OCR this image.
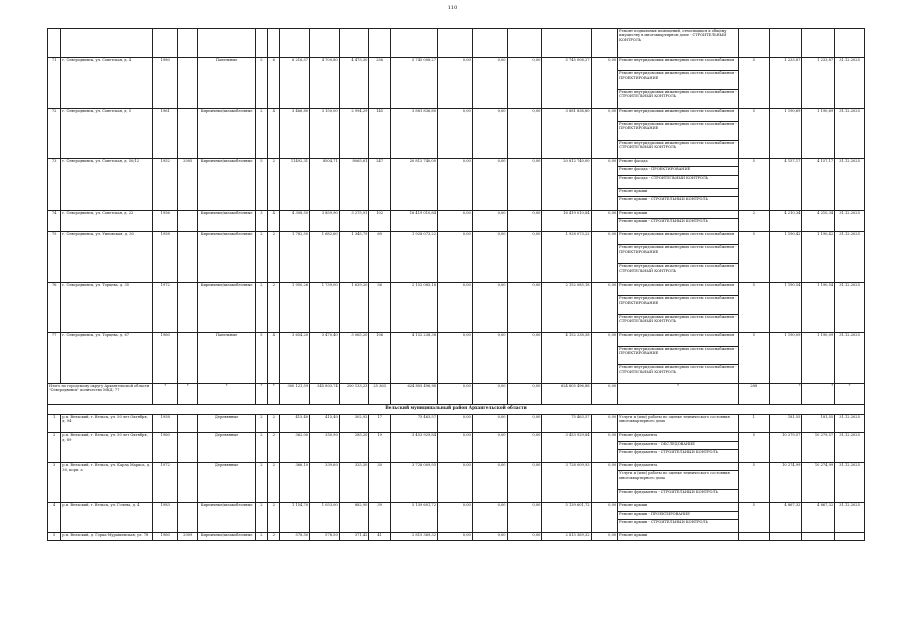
110
																	Ремонт подвальных помещений, относящихся к общему имуществу в многоквартирном доме - СТРОИТЕЛЬНЫЙ КОНТРОЛЬ				
71	г. Северодвинск, ул. Советская, д. 4	1980		Панельные	5	6	6 216,57	4 700,80	4 475,30	256	5 745 008,27	0,00	0,00	0,00	5 745 008,27	0,00	Ремонт внутридомовых инженерных систем газоснабжения	5	1 233,87	1 233,87	31.12.2025
																	Ремонт внутридомовых инженерных систем газоснабжения - ПРОЕКТИРОВАНИЕ				
																	Ремонт внутридомовых инженерных систем газоснабжения - СТРОИТЕЛЬНЫЙ КОНТРОЛЬ				
72	г. Северодвинск, ул. Советская, д. 5	1961		Кирпичные/шлакоблочные	2	4	3 466,80	3 150,00	2 994,29	145	3 881 836,80	0,00	0,00	0,00	3 881 836,80	0,00	Ремонт внутридомовых инженерных систем газоснабжения	5	1 190,69	1 190,69	31.12.2025
																	Ремонт внутридомовых инженерных систем газоснабжения - ПРОЕКТИРОВАНИЕ				
																	Ремонт внутридомовых инженерных систем газоснабжения - СТРОИТЕЛЬНЫЙ КОНТРОЛЬ				
73	г. Северодвинск, ул. Советская, д. 50/12	1952	2005	Кирпичные/шлакоблочные	5	2	11492,31	8504,71	8065,61	247	20 812 740,00	0,00	0,00	0,00	20 812 740,00	0,00	Ремонт фасада	5	4 157,17	4 157,17	31.12.2025
																	Ремонт фасада - ПРОЕКТИРОВАНИЕ				
																	Ремонт фасада - СТРОИТЕЛЬНЫЙ КОНТРОЛЬ				
																	Ремонт крыши				
																	Ремонт крыши - СТРОИТЕЛЬНЫЙ КОНТРОЛЬ				
74	г. Северодвинск, ул. Советская, д. 22	1956		Кирпичные/шлакоблочные	3	4	4 308,50	3 859,90	3 275,91	102	16 419 010,84	0,00	0,00	0,00	16 419 010,84	0,00	Ремонт крыши	2	4 210,34	4 210,34	31.12.2025
																	Ремонт крыши - СТРОИТЕЛЬНЫЙ КОНТРОЛЬ				
75	г. Северодвинск, ул. Уиновская, д. 30	1958		Кирпичные/шлакоблочные	2	2	1 782,50	1 682,60	1 345,79	69	1 928 073,22	0,00	0,00	0,00	1 928 073,22	0,00	Ремонт внутридомовых инженерных систем газоснабжения	5	1 190,42	1 190,42	31.12.2025
																	Ремонт внутридомовых инженерных систем газоснабжения - ПРОЕКТИРОВАНИЕ				
																	Ремонт внутридомовых инженерных систем газоснабжения - СТРОИТЕЛЬНЫЙ КОНТРОЛЬ				
76	г. Северодвинск, ул. Торцева, д. 35	1972		Кирпичные/шлакоблочные	2	2	1 950,26	1 739,00	1 639,20	56	2 152 085,18	0,00	0,00	0,00	2 152 085,18	0,00	Ремонт внутридомовых инженерных систем газоснабжения	5	1 190,54	1 190,54	31.12.2025
																	Ремонт внутридомовых инженерных систем газоснабжения - ПРОЕКТИРОВАНИЕ				
																	Ремонт внутридомовых инженерных систем газоснабжения - СТРОИТЕЛЬНЫЙ КОНТРОЛЬ				
77	г. Северодвинск, ул. Торцева, д. 67	1960		Панельные	5	4	3 654,20	3 470,40	3 065,20	106	4 152 238,38	0,00	0,00	0,00	4 152 238,38	0,00	Ремонт внутридомовых инженерных систем газоснабжения	5	1 190,09	1 190,09	31.12.2025
																	Ремонт внутридомовых инженерных систем газоснабжения - ПРОЕКТИРОВАНИЕ				
																	Ремонт внутридомовых инженерных систем газоснабжения - СТРОИТЕЛЬНЫЙ КОНТРОЛЬ				
Итого по городскому округу Архангельской области "Северодвинск" количество МКД: 77		*	*	*	*	*	300 121,59	345 803,74	200 133,23	25 363	624 805 496,88	0,00	0,00	0,00	624 805 496,88	0,00	*	288	*	*	*
Вельский муниципальный район Архангельской области																					
1	р.п. Вельский, г. Вельск, ул. 50 лет Октября, д. 94	1958		Деревянные	2	2	415,40	415,40	302,92	17	75 463,57	0,00	0,00	0,00	75 463,57	0,00	Услуги и (или) работы по оценке технического состояния многоквартирного дома	1	181,55	181,55	31.12.2025
2	р.п. Вельский, г. Вельск, ул. 50 лет Октября, д. 89	1960		Деревянные	2	2	362,00	350,90	285,20	19	3 453 929,84	0,00	0,00	0,00	3 453 929,84	0,00	Ремонт фундамента	5	10 279,57	10 279,57	31.12.2025
																	Ремонт фундамента - ОБСЛЕДОВАНИЕ				
																	Ремонт фундамента - СТРОИТЕЛЬНЫЙ КОНТРОЛЬ				
3	р.п. Вельский, г. Вельск, ул. Карла Маркса, д. 30, корп. а	1972		Деревянные	2	2	366,10	339,60	325,30	30	3 728 009,93	0,00	0,00	0,00	3 728 009,93	0,00	Ремонт фундамента	5	10 274,99	10 274,99	31.12.2025
																	Услуги и (или) работы по оценке технического состояния многоквартирного дома				
																	Ремонт фундамента - СТРОИТЕЛЬНЫЙ КОНТРОЛЬ				
4	р.п. Вельский, г. Вельск, ул. Гочева, д. 4	1983		Кирпичные/шлакоблочные	2	2	1 154,70	1 053,00	882,90	39	5 139 601,72	0,00	0,00	0,00	5 139 601,72	0,00	Ремонт крыши	5	4 867,32	4 867,32	31.12.2025
																	Ремонт крыши - ПРОЕКТИРОВАНИЕ				
																	Ремонт крыши - СТРОИТЕЛЬНЫЙ КОНТРОЛЬ				
5	р.п. Вельский, д. Горка-Муравьевская, ул. 78	1960	2009	Кирпичные/шлакоблочные	2	2	578,50	578,50	371,42	41	2 815 369,32	0,00	0,00	0,00	2 815 369,32	0,00	Ремонт крыши				
